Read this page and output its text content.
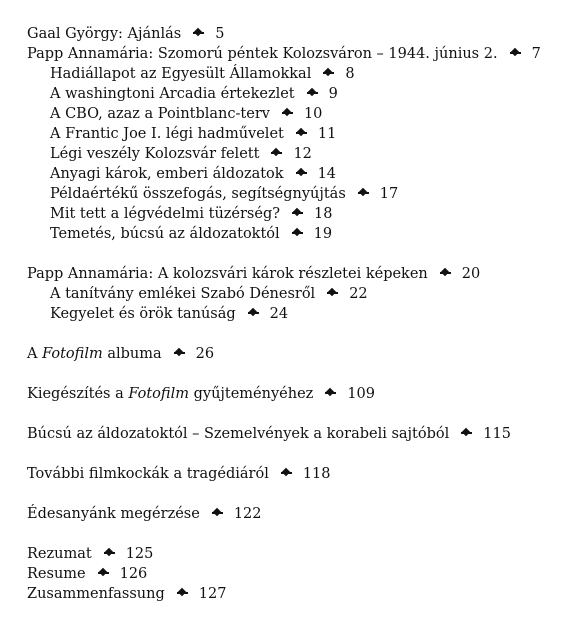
Gaal György: Ajánlás 5
Papp Annamária: Szomorú péntek Kolozsváron – 1944. június 2. 7
Hadiállapot az Egyesült Államokkal 8
A washingtoni Arcadia értekezlet 9
A CBO, azaz a Pointblanc-terv 10
A Frantic Joe I. légi hadművelet 11
Légi veszély Kolozsvár felett 12
Anyagi károk, emberi áldozatok 14
Példaértékű összefogás, segítségnyújtás 17
Mit tett a légvédelmi tüzérség? 18
Temetés, búcsú az áldozatoktól 19
Papp Annamária: A kolozsvári károk részletei képeken 20
A tanítvány emlékei Szabó Dénesről 22
Kegyelet és örök tanúság 24
A Fotofilm albuma 26
Kiegészítés a Fotofilm gyűjteményéhez 109
Búcsú az áldozatoktól – Szemelvények a korabeli sajtóból 115
További filmkockák a tragédiáról 118
Édesanyánk megérzése 122
Rezumat 125
Resume 126
Zusammenfassung 127
